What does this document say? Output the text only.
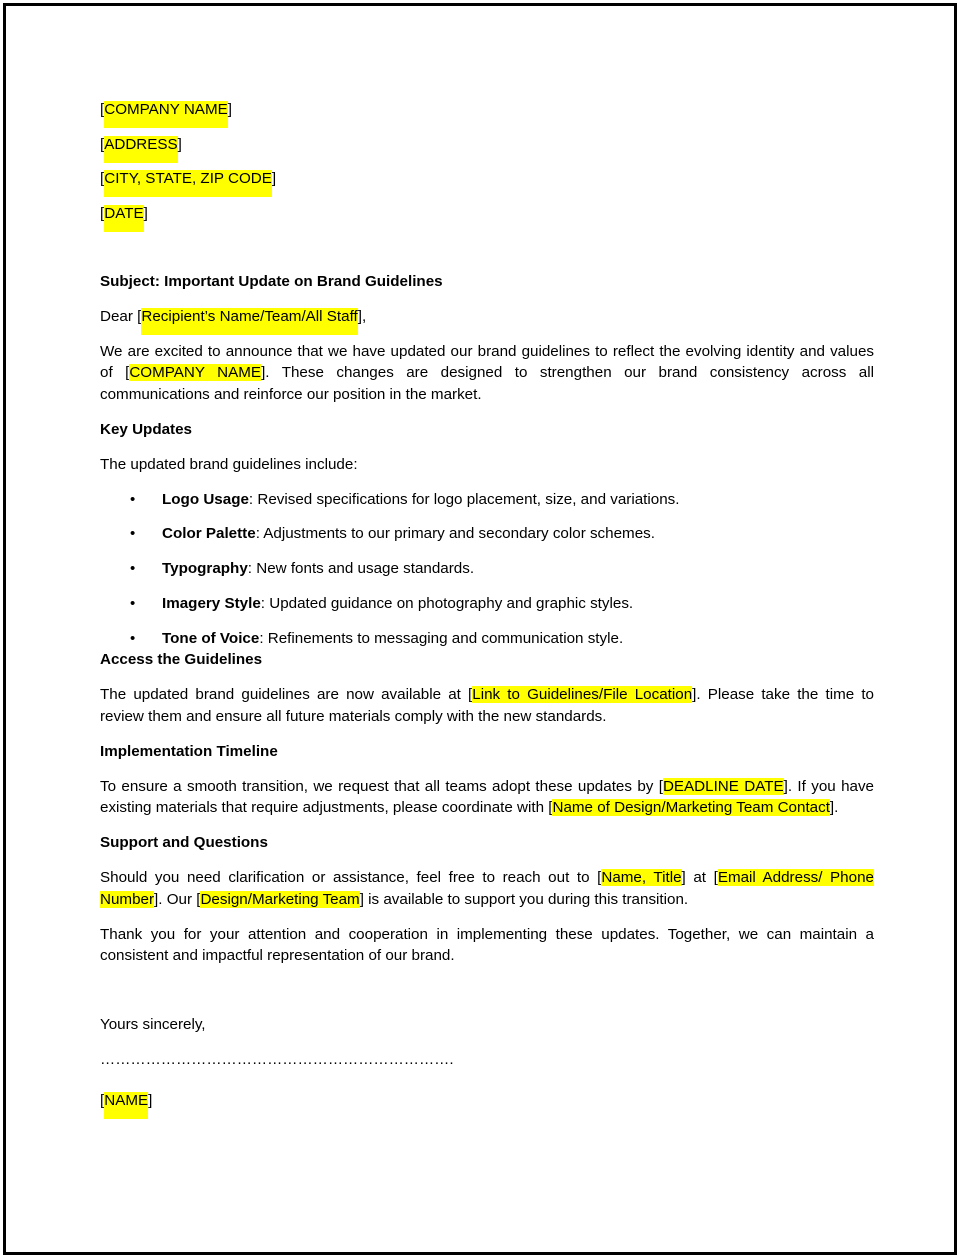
[COMPANY NAME]
[ADDRESS]
[CITY, STATE, ZIP CODE]
[DATE]

Subject: Important Update on Brand Guidelines

Dear [Recipient’s Name/Team/All Staff],

We are excited to announce that we have updated our brand guidelines to reflect the evolving identity and values of [COMPANY NAME]. These changes are designed to strengthen our brand consistency across all communications and reinforce our position in the market.

Key Updates

The updated brand guidelines include:

• Logo Usage: Revised specifications for logo placement, size, and variations.
• Color Palette: Adjustments to our primary and secondary color schemes.
• Typography: New fonts and usage standards.
• Imagery Style: Updated guidance on photography and graphic styles.
• Tone of Voice: Refinements to messaging and communication style.

Access the Guidelines

The updated brand guidelines are now available at [Link to Guidelines/File Location]. Please take the time to review them and ensure all future materials comply with the new standards.

Implementation Timeline

To ensure a smooth transition, we request that all teams adopt these updates by [DEADLINE DATE]. If you have existing materials that require adjustments, please coordinate with [Name of Design/Marketing Team Contact].

Support and Questions

Should you need clarification or assistance, feel free to reach out to [Name, Title] at [Email Address/ Phone Number]. Our [Design/Marketing Team] is available to support you during this transition.

Thank you for your attention and cooperation in implementing these updates. Together, we can maintain a consistent and impactful representation of our brand.

Yours sincerely,

…………………………………………………………….

[NAME]
